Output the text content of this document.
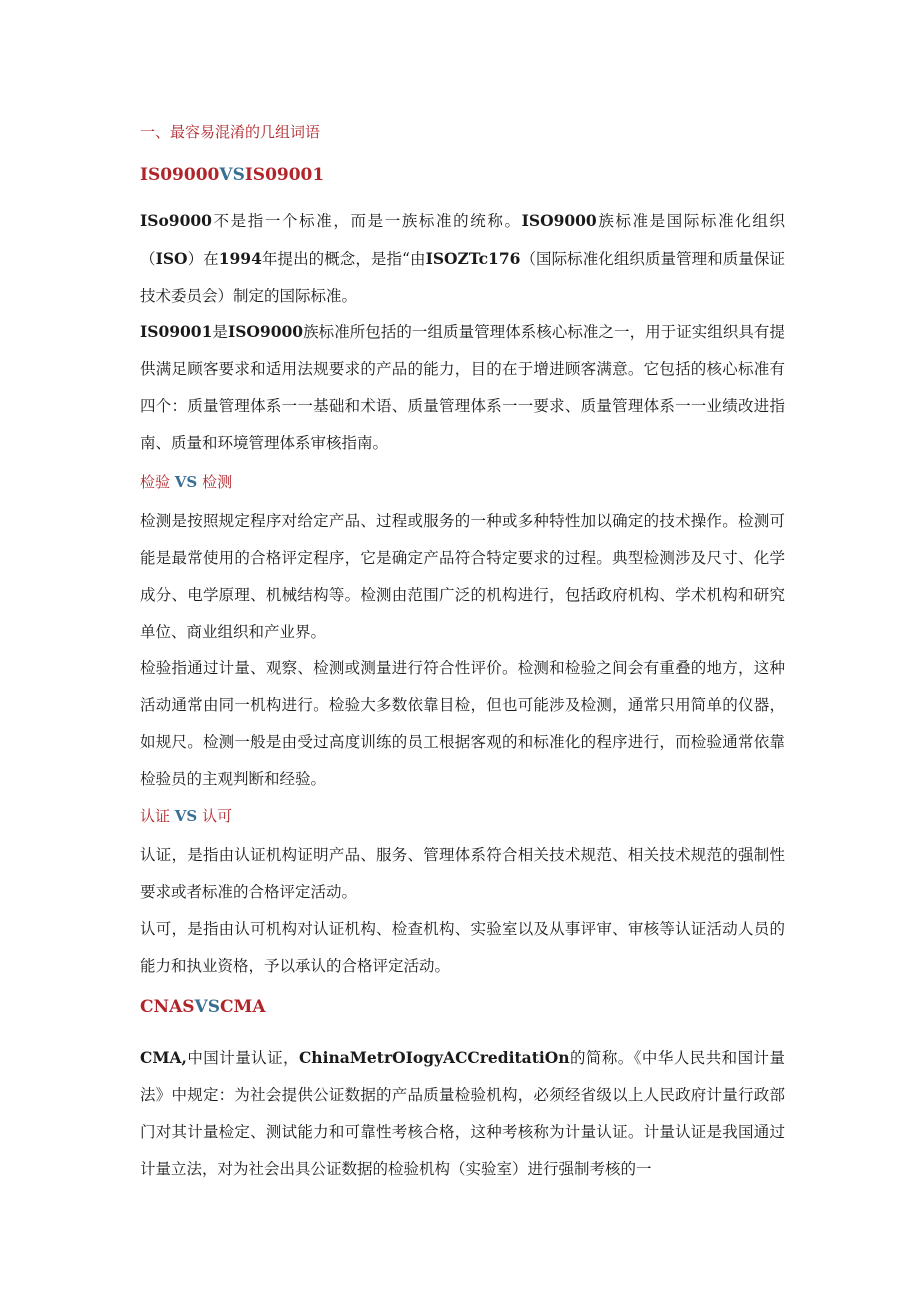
一、最容易混淆的几组词语
IS09000VSIS09001

ISo9000不是指一个标准，而是一族标准的统称。ISO9000族标准是国际标准化组织（ISO）在1994年提出的概念，是指“由ISOZTc176（国际标准化组织质量管理和质量保证技术委员会）制定的国际标准。

IS09001是ISO9000族标准所包括的一组质量管理体系核心标准之一，用于证实组织具有提供满足顾客要求和适用法规要求的产品的能力，目的在于增进顾客满意。它包括的核心标准有四个：质量管理体系一一基础和术语、质量管理体系一一要求、质量管理体系一一业绩改进指南、质量和环境管理体系审核指南。

检验 VS 检测

检测是按照规定程序对给定产品、过程或服务的一种或多种特性加以确定的技术操作。检测可能是最常使用的合格评定程序，它是确定产品符合特定要求的过程。典型检测涉及尺寸、化学成分、电学原理、机械结构等。检测由范围广泛的机构进行，包括政府机构、学术机构和研究单位、商业组织和产业界。

检验指通过计量、观察、检测或测量进行符合性评价。检测和检验之间会有重叠的地方，这种活动通常由同一机构进行。检验大多数依靠目检，但也可能涉及检测，通常只用简单的仪器，如规尺。检测一般是由受过高度训练的员工根据客观的和标准化的程序进行，而检验通常依靠检验员的主观判断和经验。

认证 VS 认可

认证，是指由认证机构证明产品、服务、管理体系符合相关技术规范、相关技术规范的强制性要求或者标准的合格评定活动。

认可，是指由认可机构对认证机构、检查机构、实验室以及从事评审、审核等认证活动人员的能力和执业资格，予以承认的合格评定活动。

CNASVSCMA

CMA,中国计量认证，ChinaMetrOIogyACCreditatiOn的简称。《中华人民共和国计量法》中规定：为社会提供公证数据的产品质量检验机构，必须经省级以上人民政府计量行政部门对其计量检定、测试能力和可靠性考核合格，这种考核称为计量认证。计量认证是我国通过计量立法，对为社会出具公证数据的检验机构（实验室）进行强制考核的一
